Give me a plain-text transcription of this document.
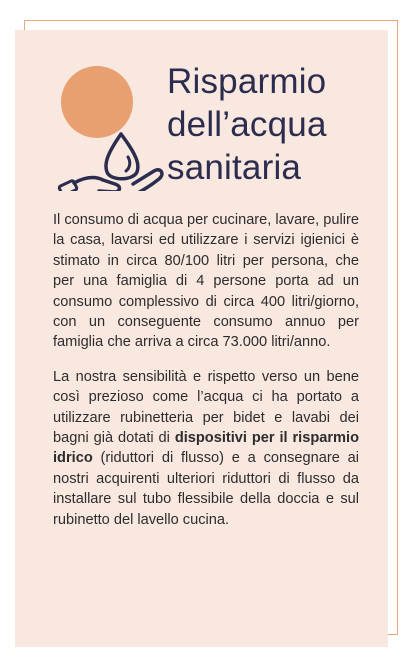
Risparmio
dell’acqua
sanitaria

Il consumo di acqua per cucinare, lavare, pulire la casa, lavarsi ed utilizzare i servizi igienici è stimato in circa 80/100 litri per persona, che per una famiglia di 4 persone porta ad un consumo complessivo di circa 400 litri/giorno, con un conseguente consumo annuo per famiglia che arriva a circa 73.000 litri/anno.

La nostra sensibilità e rispetto verso un bene così prezioso come l’acqua ci ha portato a utilizzare rubinetteria per bidet e lavabi dei bagni già dotati di dispositivi per il risparmio idrico (riduttori di flusso) e a consegnare ai nostri acquirenti ulteriori riduttori di flusso da installare sul tubo flessibile della doccia e sul rubinetto del lavello cucina.
